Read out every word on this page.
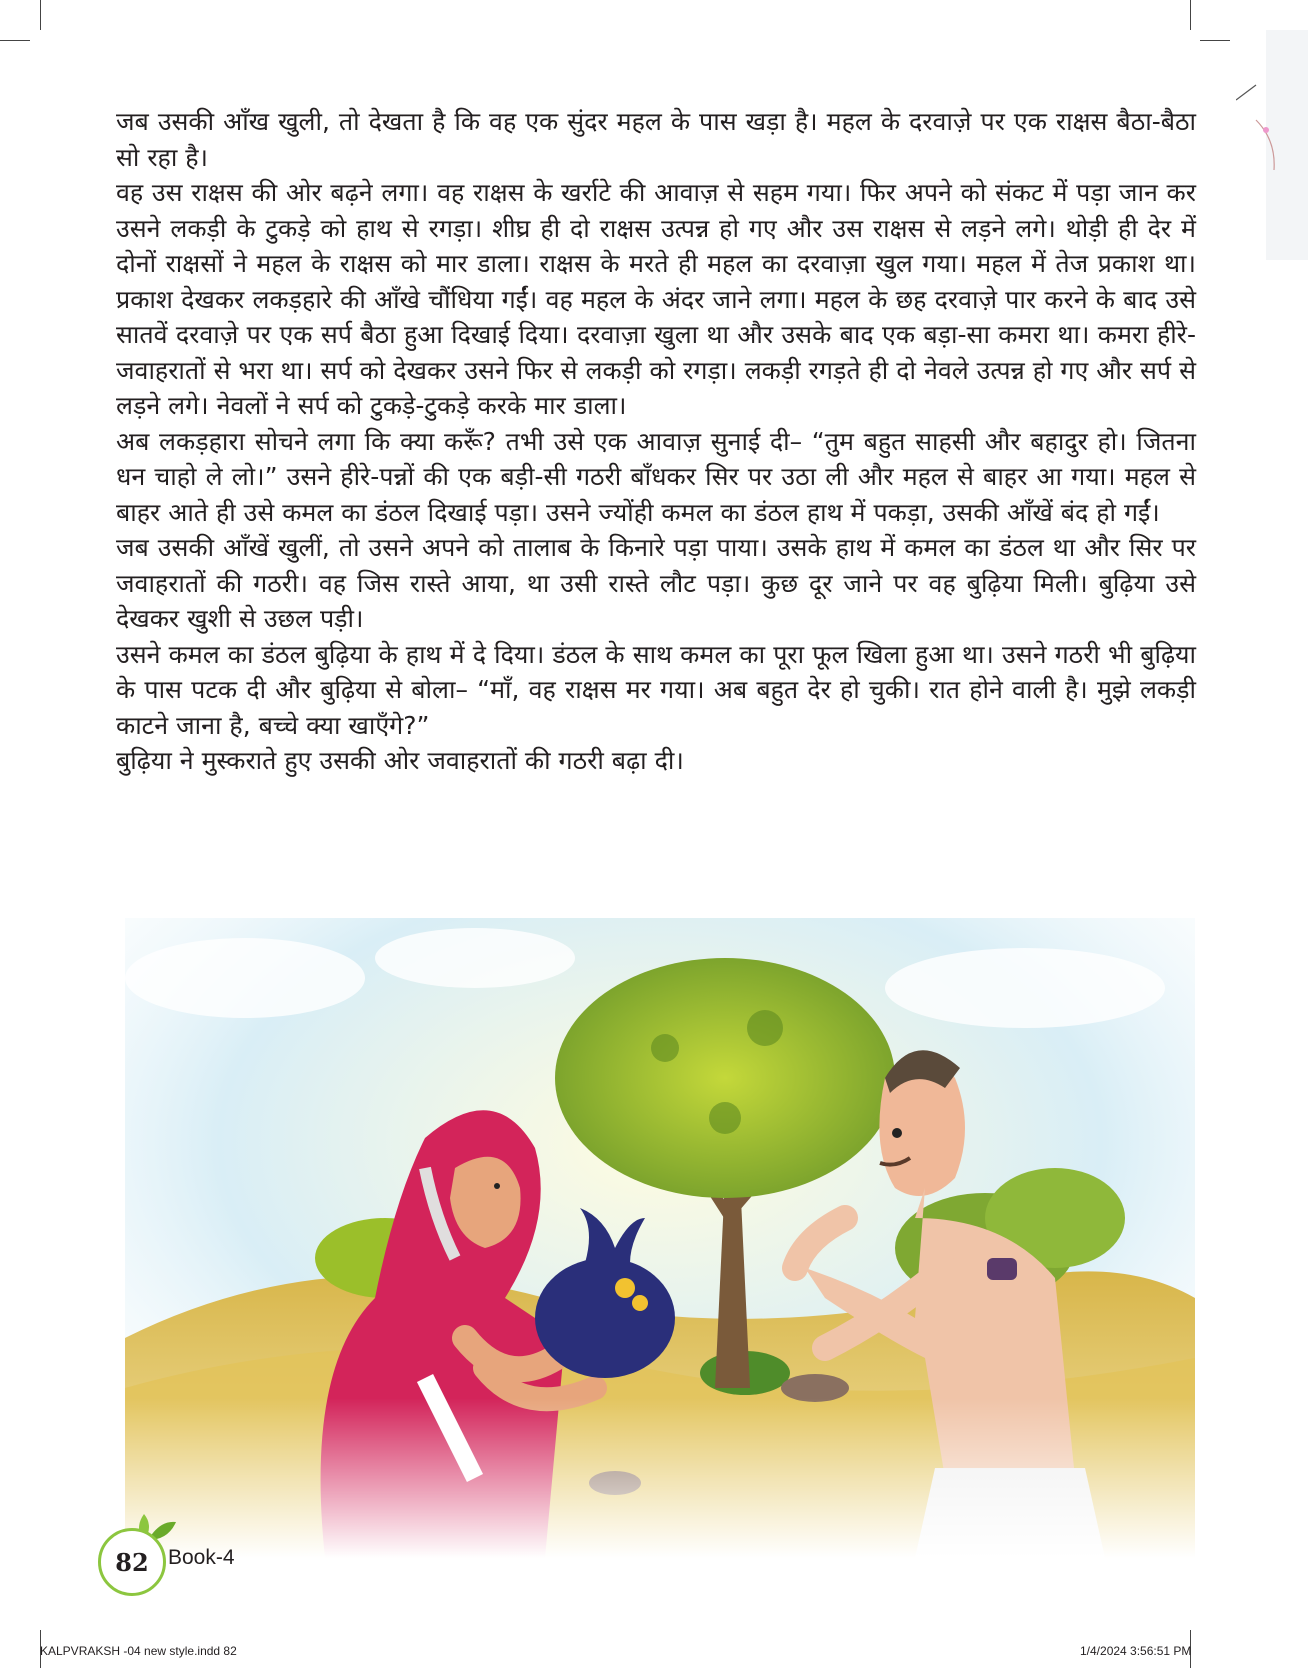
जब उसकी आँख खुली, तो देखता है कि वह एक सुंदर महल के पास खड़ा है। महल के दरवाज़े पर एक राक्षस बैठा-बैठा सो रहा है।

वह उस राक्षस की ओर बढ़ने लगा। वह राक्षस के खर्राटे की आवाज़ से सहम गया। फिर अपने को संकट में पड़ा जान कर उसने लकड़ी के टुकड़े को हाथ से रगड़ा। शीघ्र ही दो राक्षस उत्पन्न हो गए और उस राक्षस से लड़ने लगे। थोड़ी ही देर में दोनों राक्षसों ने महल के राक्षस को मार डाला। राक्षस के मरते ही महल का दरवाज़ा खुल गया। महल में तेज प्रकाश था। प्रकाश देखकर लकड़हारे की आँखे चौंधिया गईं। वह महल के अंदर जाने लगा। महल के छह दरवाज़े पार करने के बाद उसे सातवें दरवाज़े पर एक सर्प बैठा हुआ दिखाई दिया। दरवाज़ा खुला था और उसके बाद एक बड़ा-सा कमरा था। कमरा हीरे-जवाहरातों से भरा था। सर्प को देखकर उसने फिर से लकड़ी को रगड़ा। लकड़ी रगड़ते ही दो नेवले उत्पन्न हो गए और सर्प से लड़ने लगे। नेवलों ने सर्प को टुकड़े-टुकड़े करके मार डाला।

अब लकड़हारा सोचने लगा कि क्या करूँ? तभी उसे एक आवाज़ सुनाई दी– “तुम बहुत साहसी और बहादुर हो। जितना धन चाहो ले लो।” उसने हीरे-पन्नों की एक बड़ी-सी गठरी बाँधकर सिर पर उठा ली और महल से बाहर आ गया। महल से बाहर आते ही उसे कमल का डंठल दिखाई पड़ा। उसने ज्योंही कमल का डंठल हाथ में पकड़ा, उसकी आँखें बंद हो गईं।

जब उसकी आँखें खुलीं, तो उसने अपने को तालाब के किनारे पड़ा पाया। उसके हाथ में कमल का डंठल था और सिर पर जवाहरातों की गठरी। वह जिस रास्ते आया, था उसी रास्ते लौट पड़ा। कुछ दूर जाने पर वह बुढ़िया मिली। बुढ़िया उसे देखकर खुशी से उछल पड़ी।

उसने कमल का डंठल बुढ़िया के हाथ में दे दिया। डंठल के साथ कमल का पूरा फूल खिला हुआ था। उसने गठरी भी बुढ़िया के पास पटक दी और बुढ़िया से बोला– “माँ, वह राक्षस मर गया। अब बहुत देर हो चुकी। रात होने वाली है। मुझे लकड़ी काटने जाना है, बच्चे क्या खाएँगे?”

बुढ़िया ने मुस्कराते हुए उसकी ओर जवाहरातों की गठरी बढ़ा दी।

82 Book-4
KALPVRAKSH -04 new style.indd 82	1/4/2024 3:56:51 PM
